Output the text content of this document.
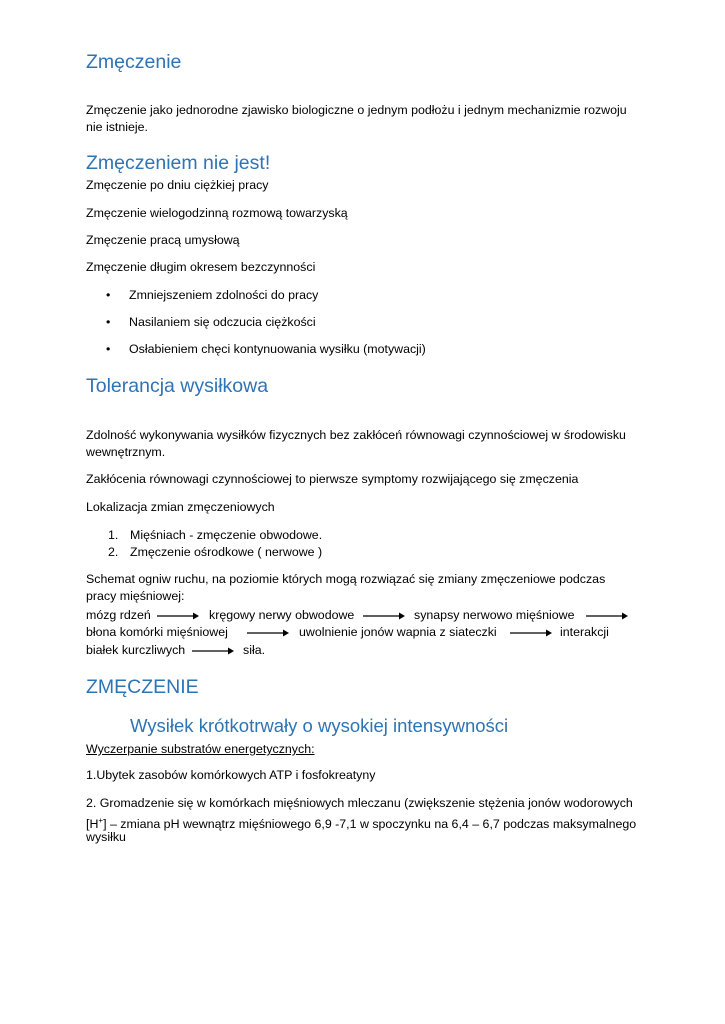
Zmęczenie

Zmęczenie jako jednorodne zjawisko biologiczne o jednym podłożu i jednym mechanizmie rozwoju nie istnieje.

Zmęczeniem nie jest!

Zmęczenie po dniu ciężkiej pracy

Zmęczenie wielogodzinną rozmową towarzyską

Zmęczenie pracą umysłową

Zmęczenie długim okresem bezczynności

• Zmniejszeniem zdolności do pracy
• Nasilaniem się odczucia ciężkości
• Osłabieniem chęci kontynuowania wysiłku (motywacji)
Tolerancja wysiłkowa

Zdolność wykonywania wysiłków fizycznych bez zakłóceń równowagi czynnościowej w środowisku wewnętrznym.

Zakłócenia równowagi czynnościowej to pierwsze symptomy rozwijającego się zmęczenia

Lokalizacja zmian zmęczeniowych

1. Mięśniach - zmęczenie obwodowe.
2. Zmęczenie ośrodkowe ( nerwowe )

Schemat ogniw ruchu, na poziomie których mogą rozwiązać się zmiany zmęczeniowe podczas pracy mięśniowej:

mózg rdzeń	kręgowy nerwy obwodowe	synapsy nerwowo mięśniowe
błona komórki mięśniowej	uwolnienie jonów wapnia z siateczki	interakcji
białek kurczliwych	siła.
ZMĘCZENIE
Wysiłek krótkotrwały o wysokiej intensywności

Wyczerpanie substratów energetycznych:

1.Ubytek zasobów komórkowych ATP i fosfokreatyny

2. Gromadzenie się w komórkach mięśniowych mleczanu (zwiększenie stężenia jonów wodorowych

[H+] – zmiana pH wewnątrz mięśniowego 6,9 -7,1 w spoczynku na 6,4 – 6,7 podczas maksymalnego

wysiłku
